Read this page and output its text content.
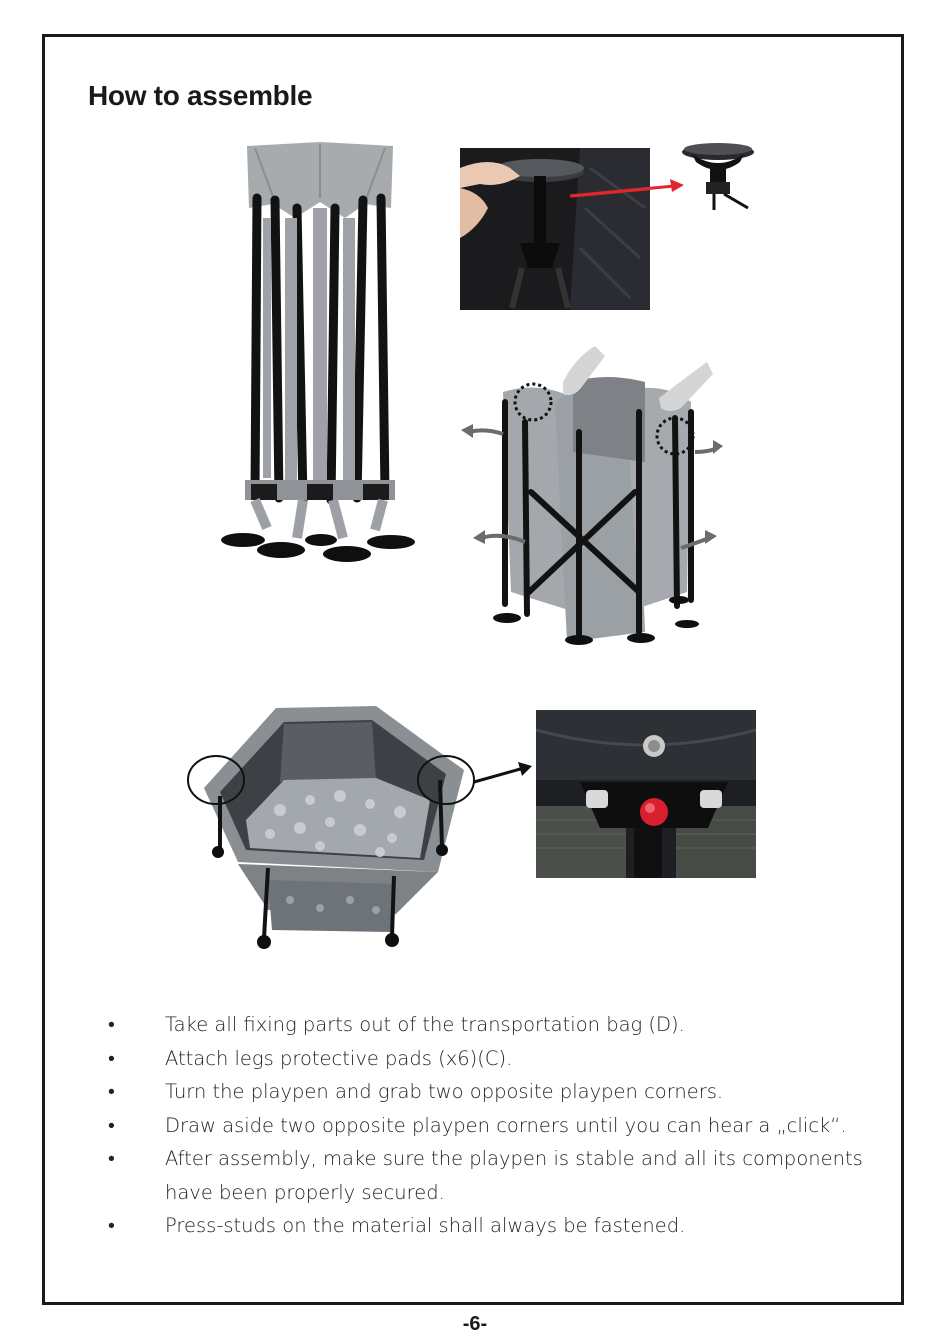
How to assemble
•	Take all fixing parts out of the transportation bag (D).
•	Attach legs protective pads (x6)(C).
•	Turn the playpen and grab two opposite playpen corners.
•	Draw aside two opposite playpen corners until you can hear a „click“.
•	After assembly, make sure the playpen is stable and all its components have been properly secured.
•	Press-studs on the material shall always be fastened.
-6-
